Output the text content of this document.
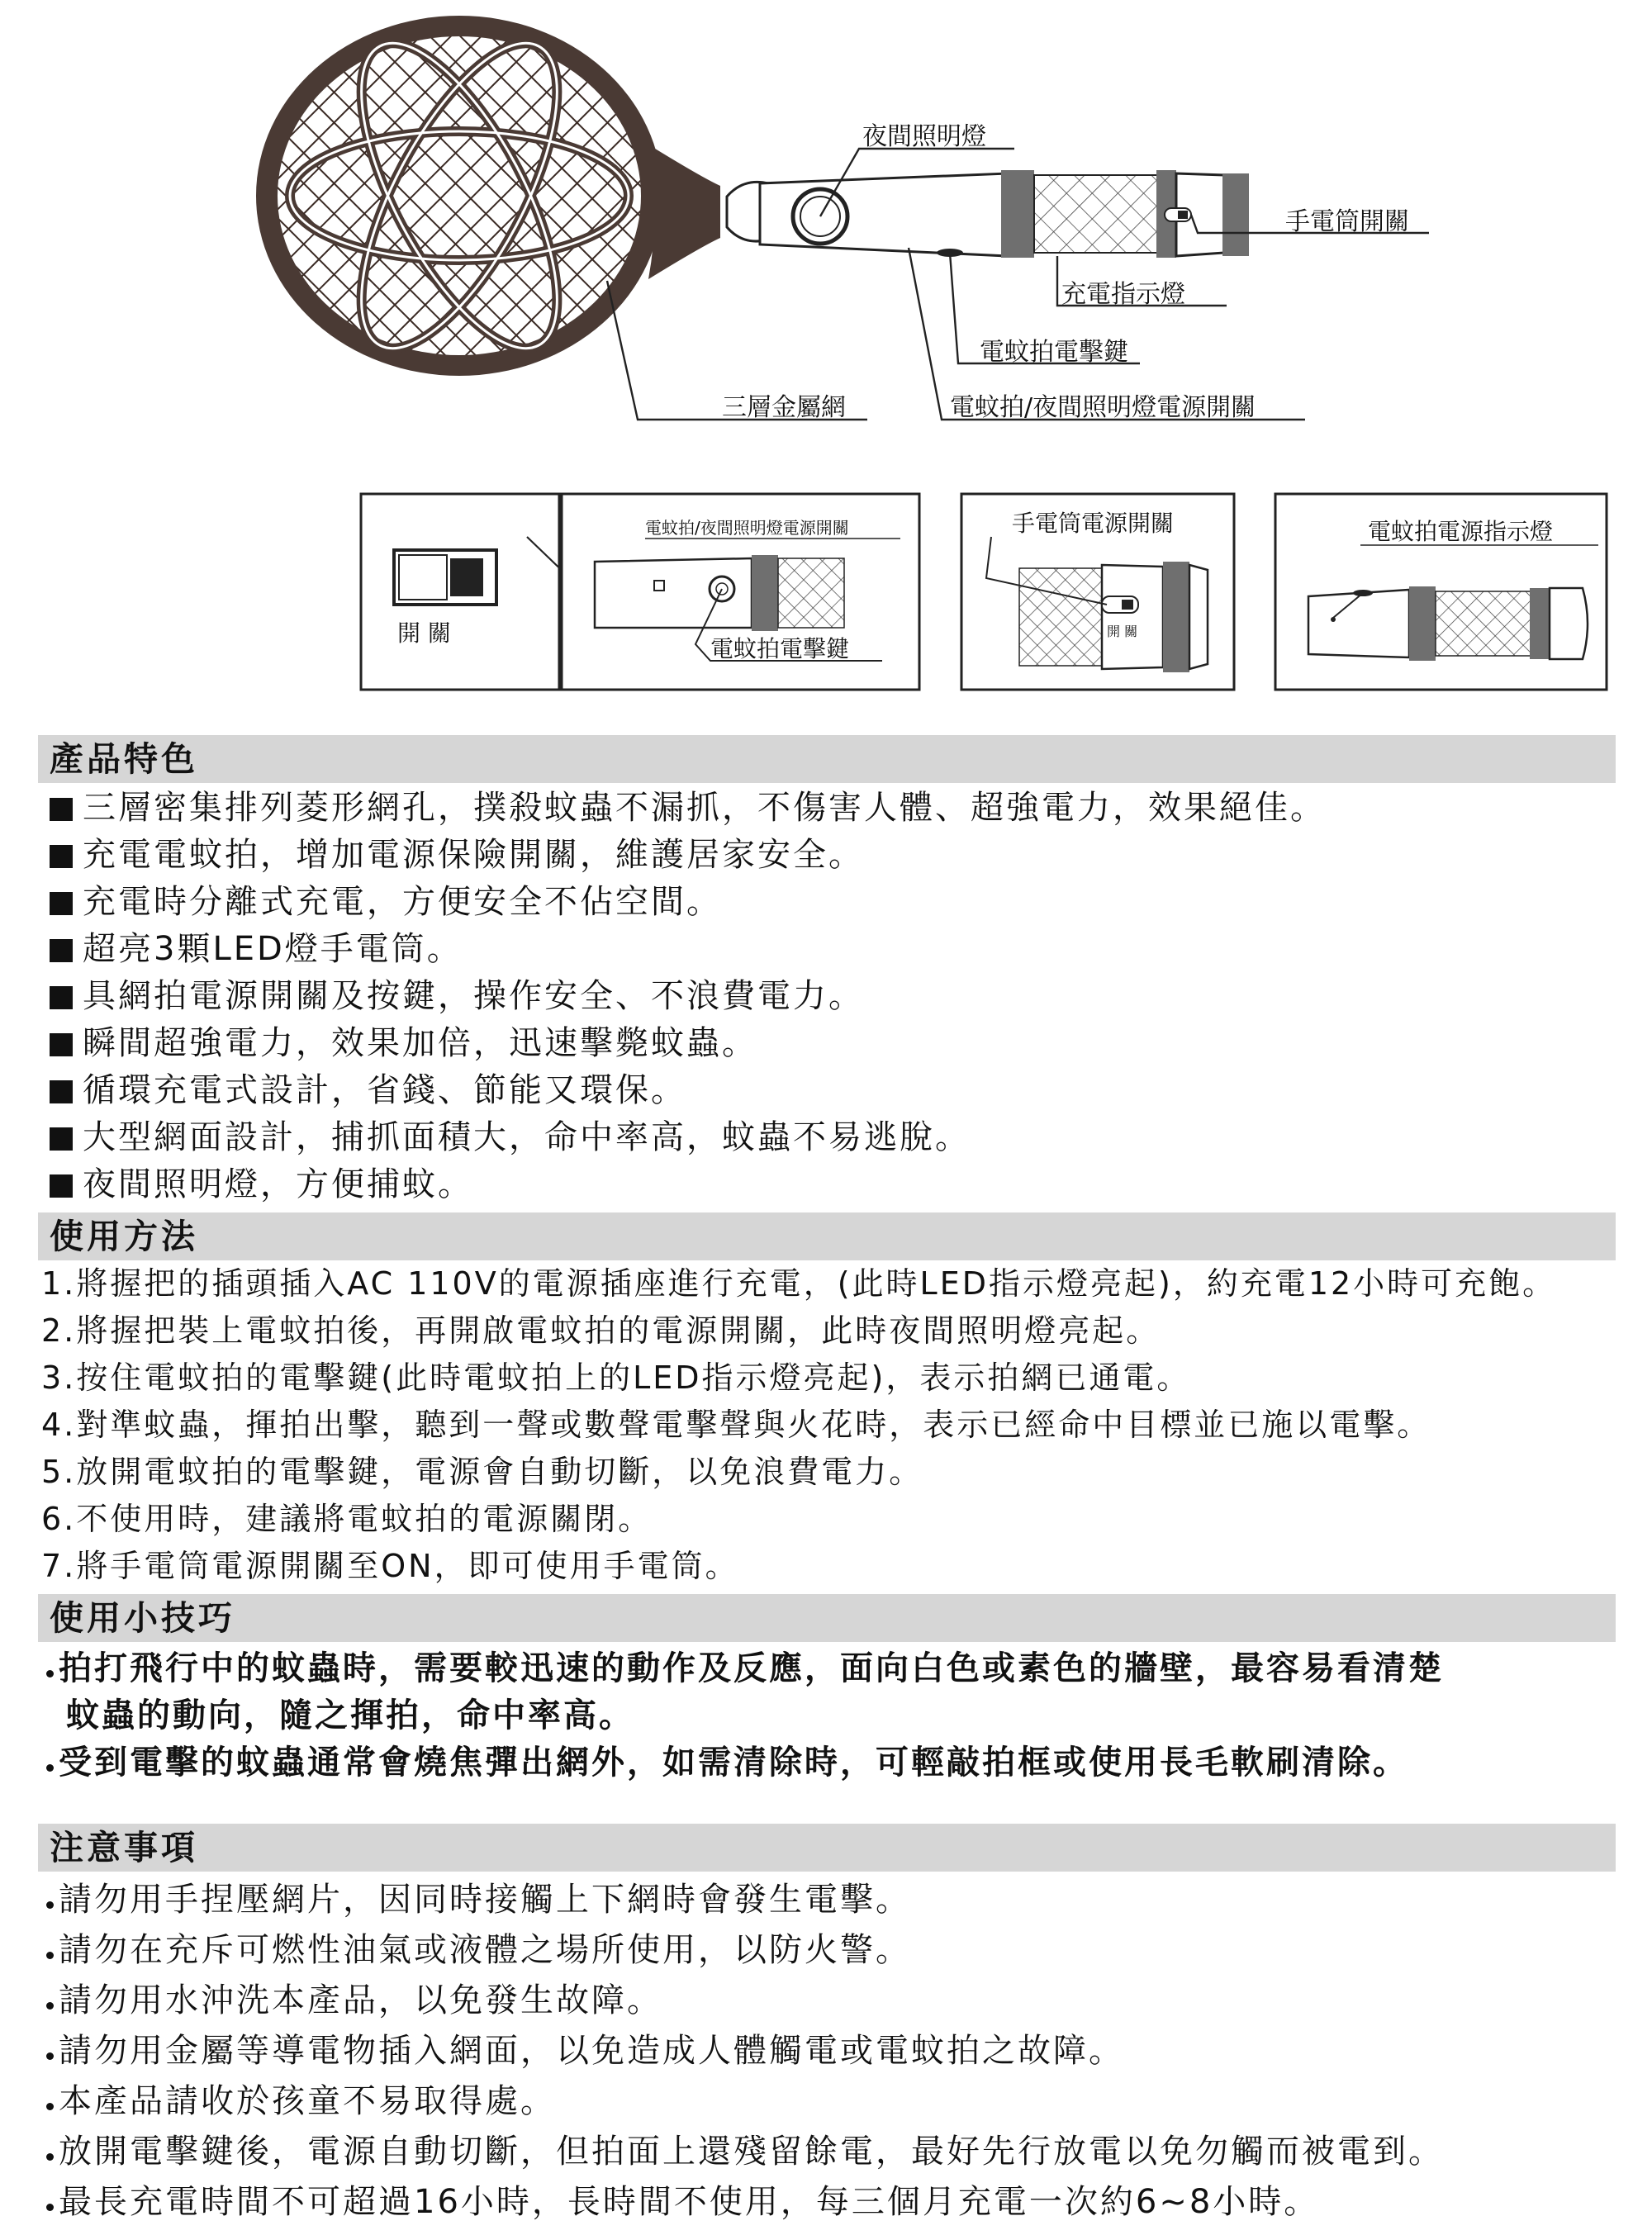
夜間照明燈
手電筒開關
充電指示燈
電蚊拍電擊鍵
三層金屬網	電蚊拍/夜間照明燈電源開關
開 關
電蚊拍/夜間照明燈電源開關
電蚊拍電擊鍵
手電筒電源開關
開 關
電蚊拍電源指示燈
產品特色
三層密集排列菱形網孔，撲殺蚊蟲不漏抓，不傷害人體、超強電力，效果絕佳。
充電電蚊拍，增加電源保險開關，維護居家安全。
充電時分離式充電，方便安全不佔空間。
超亮3顆LED燈手電筒。
具網拍電源開關及按鍵，操作安全、不浪費電力。
瞬間超強電力，效果加倍，迅速擊斃蚊蟲。
循環充電式設計，省錢、節能又環保。
大型網面設計，捕抓面積大，命中率高，蚊蟲不易逃脫。
夜間照明燈，方便捕蚊。
使用方法
1.將握把的插頭插入AC 110V的電源插座進行充電，(此時LED指示燈亮起)，約充電12小時可充飽。
2.將握把裝上電蚊拍後，再開啟電蚊拍的電源開關，此時夜間照明燈亮起。
3.按住電蚊拍的電擊鍵(此時電蚊拍上的LED指示燈亮起)，表示拍網已通電。
4.對準蚊蟲，揮拍出擊，聽到一聲或數聲電擊聲與火花時，表示已經命中目標並已施以電擊。
5.放開電蚊拍的電擊鍵，電源會自動切斷，以免浪費電力。
6.不使用時，建議將電蚊拍的電源關閉。
7.將手電筒電源開關至ON，即可使用手電筒。
使用小技巧
拍打飛行中的蚊蟲時，需要較迅速的動作及反應，面向白色或素色的牆壁，最容易看清楚
蚊蟲的動向，隨之揮拍，命中率高。
受到電擊的蚊蟲通常會燒焦彈出網外，如需清除時，可輕敲拍框或使用長毛軟刷清除。
注意事項
請勿用手捏壓網片，因同時接觸上下網時會發生電擊。
請勿在充斥可燃性油氣或液體之場所使用，以防火警。
請勿用水沖洗本產品，以免發生故障。
請勿用金屬等導電物插入網面，以免造成人體觸電或電蚊拍之故障。
本產品請收於孩童不易取得處。
放開電擊鍵後，電源自動切斷，但拍面上還殘留餘電，最好先行放電以免勿觸而被電到。
最長充電時間不可超過16小時，長時間不使用，每三個月充電一次約6~8小時。
